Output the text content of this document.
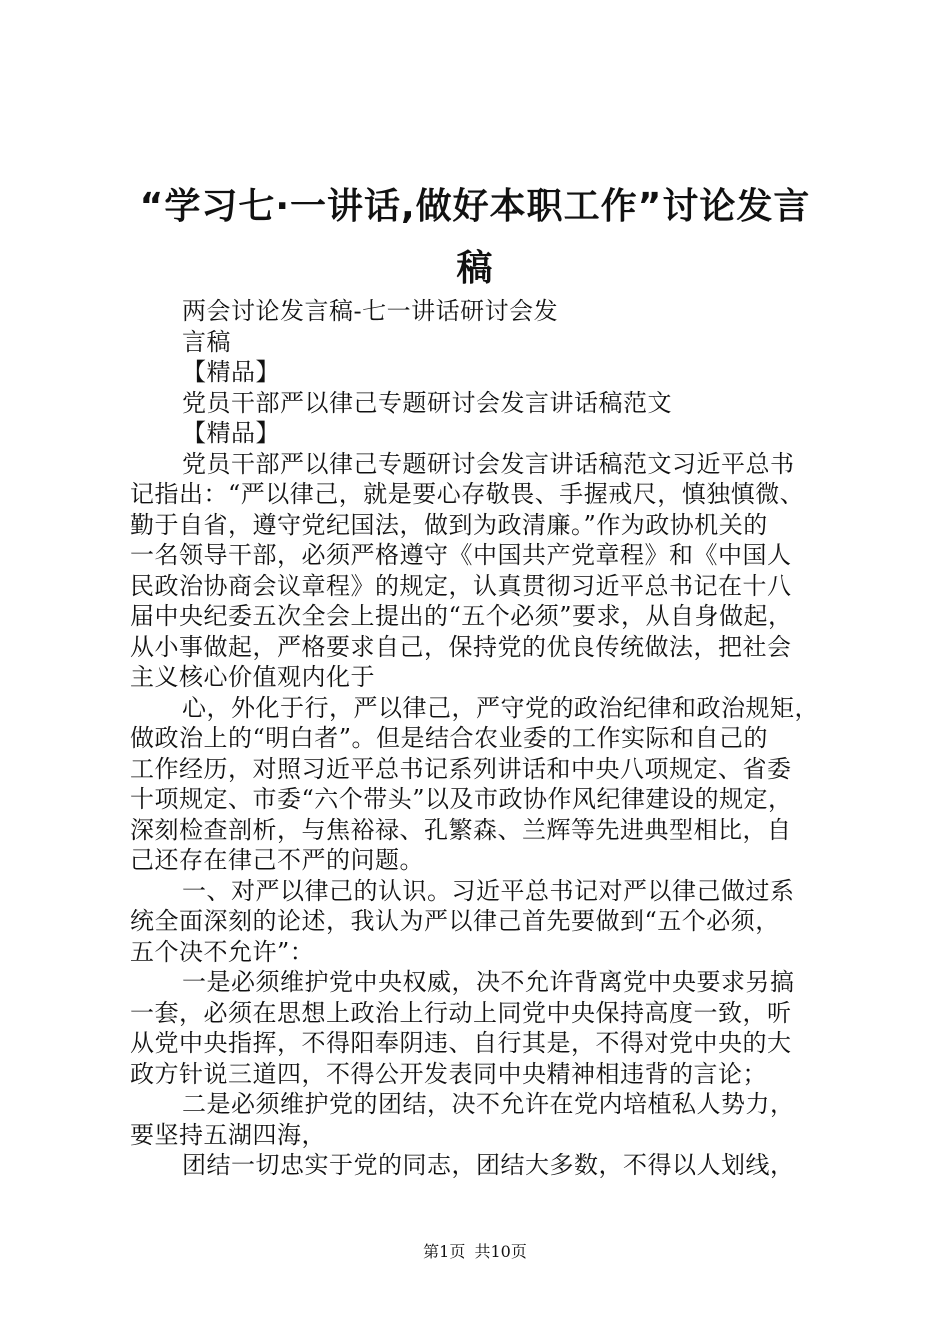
“学习七·一讲话,做好本职工作”讨论发言
稿
两会讨论发言稿-七一讲话研讨会发
言稿
【精品】
党员干部严以律己专题研讨会发言讲话稿范文
【精品】
党员干部严以律己专题研讨会发言讲话稿范文习近平总书
记指出：“严以律己，就是要心存敬畏、手握戒尺，慎独慎微、
勤于自省，遵守党纪国法，做到为政清廉。”作为政协机关的
一名领导干部，必须严格遵守《中国共产党章程》和《中国人
民政治协商会议章程》的规定，认真贯彻习近平总书记在十八
届中央纪委五次全会上提出的“五个必须”要求，从自身做起，
从小事做起，严格要求自己，保持党的优良传统做法，把社会
主义核心价值观内化于
心，外化于行，严以律己，严守党的政治纪律和政治规矩，
做政治上的“明白者”。但是结合农业委的工作实际和自己的
工作经历，对照习近平总书记系列讲话和中央八项规定、省委
十项规定、市委“六个带头”以及市政协作风纪律建设的规定，
深刻检查剖析，与焦裕禄、孔繁森、兰辉等先进典型相比，自
己还存在律己不严的问题。
一、对严以律己的认识。习近平总书记对严以律己做过系
统全面深刻的论述，我认为严以律己首先要做到“五个必须，
五个决不允许”：
一是必须维护党中央权威，决不允许背离党中央要求另搞
一套，必须在思想上政治上行动上同党中央保持高度一致，听
从党中央指挥，不得阳奉阴违、自行其是，不得对党中央的大
政方针说三道四，不得公开发表同中央精神相违背的言论；
二是必须维护党的团结，决不允许在党内培植私人势力，
要坚持五湖四海，
团结一切忠实于党的同志，团结大多数，不得以人划线，
第1页 共10页
